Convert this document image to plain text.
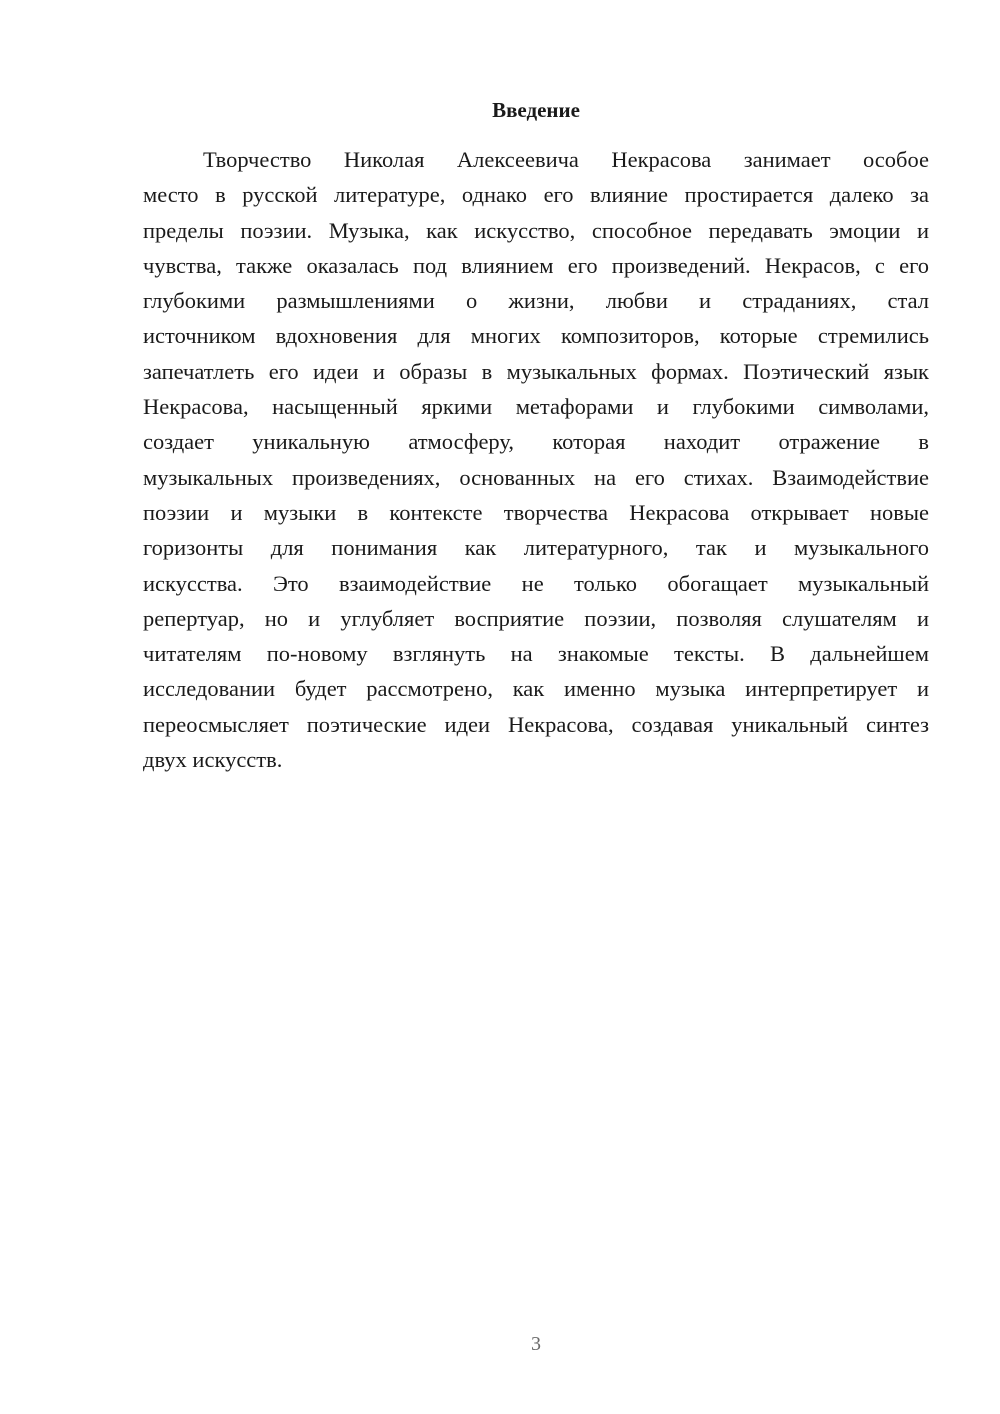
Введение
Творчество Николая Алексеевича Некрасова занимает особое
место в русской литературе, однако его влияние простирается далеко за
пределы поэзии. Музыка, как искусство, способное передавать эмоции и
чувства, также оказалась под влиянием его произведений. Некрасов, с его
глубокими размышлениями о жизни, любви и страданиях, стал
источником вдохновения для многих композиторов, которые стремились
запечатлеть его идеи и образы в музыкальных формах. Поэтический язык
Некрасова, насыщенный яркими метафорами и глубокими символами,
создает уникальную атмосферу, которая находит отражение в
музыкальных произведениях, основанных на его стихах. Взаимодействие
поэзии и музыки в контексте творчества Некрасова открывает новые
горизонты для понимания как литературного, так и музыкального
искусства. Это взаимодействие не только обогащает музыкальный
репертуар, но и углубляет восприятие поэзии, позволяя слушателям и
читателям по-новому взглянуть на знакомые тексты. В дальнейшем
исследовании будет рассмотрено, как именно музыка интерпретирует и
переосмысляет поэтические идеи Некрасова, создавая уникальный синтез
двух искусств.

3
